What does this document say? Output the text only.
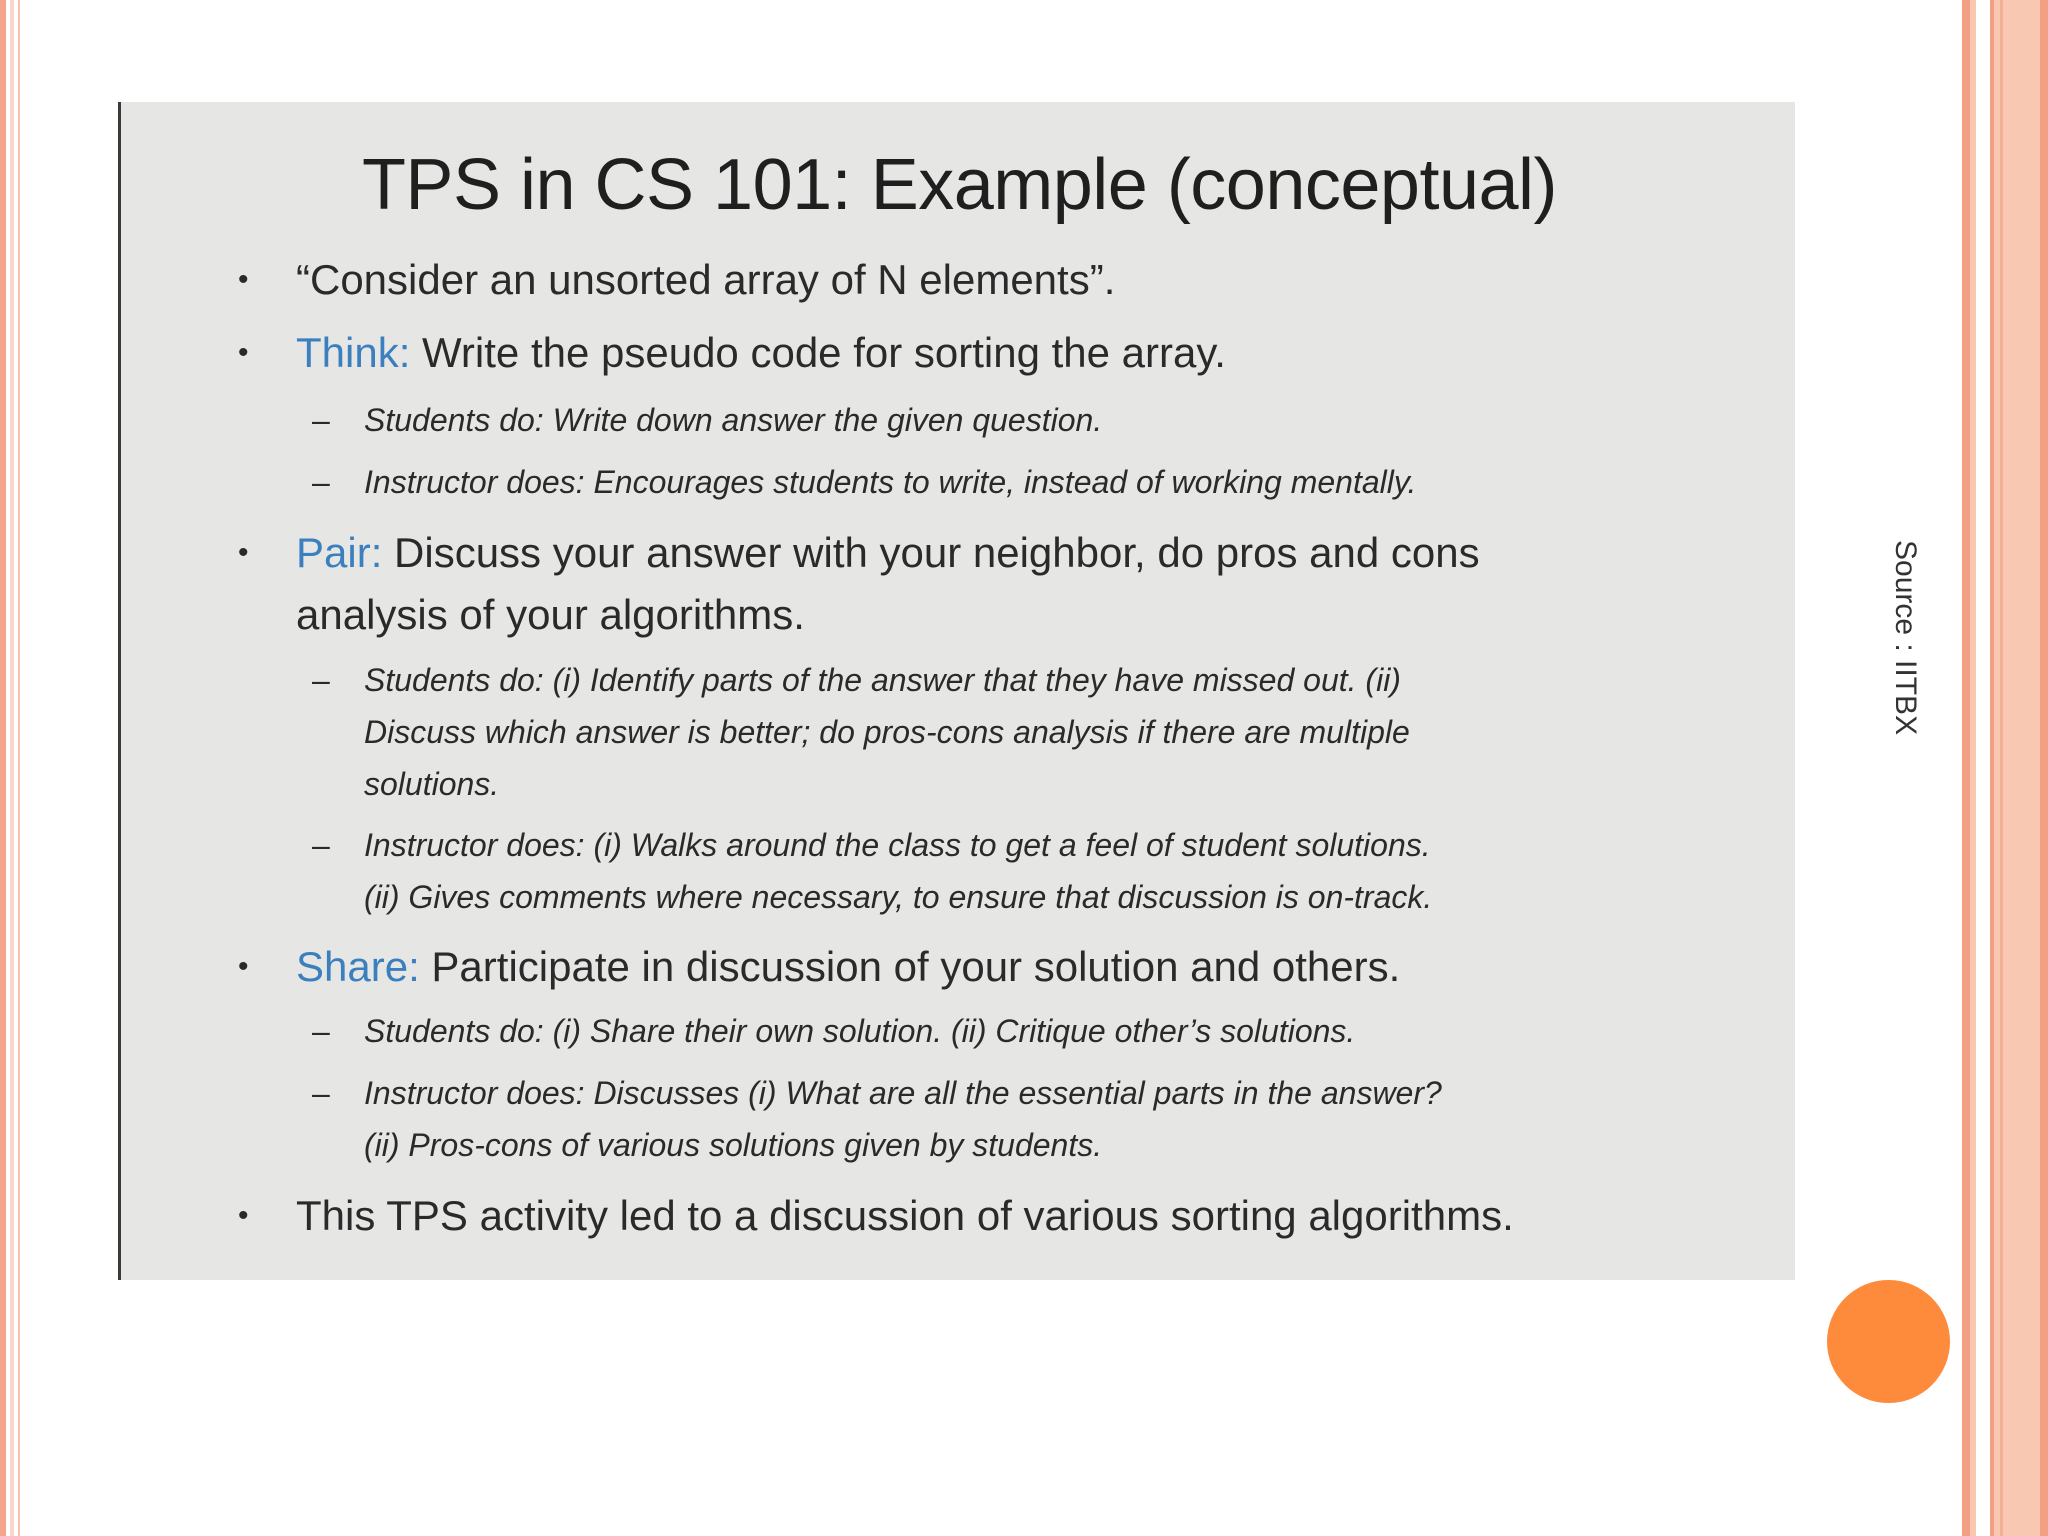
Source : IITBX
TPS in CS 101: Example (conceptual)
• “Consider an unsorted array of N elements”.
• Think: Write the pseudo code for sorting the array.
– Students do: Write down answer the given question.
– Instructor does: Encourages students to write, instead of working mentally.
• Pair: Discuss your answer with your neighbor, do pros and cons
analysis of your algorithms.
– Students do: (i) Identify parts of the answer that they have missed out. (ii)
Discuss which answer is better; do pros-cons analysis if there are multiple
solutions.
– Instructor does: (i) Walks around the class to get a feel of student solutions.
(ii) Gives comments where necessary, to ensure that discussion is on-track.
• Share: Participate in discussion of your solution and others.
– Students do: (i) Share their own solution. (ii) Critique other’s solutions.
– Instructor does: Discusses (i) What are all the essential parts in the answer?
(ii) Pros-cons of various solutions given by students.
• This TPS activity led to a discussion of various sorting algorithms.
